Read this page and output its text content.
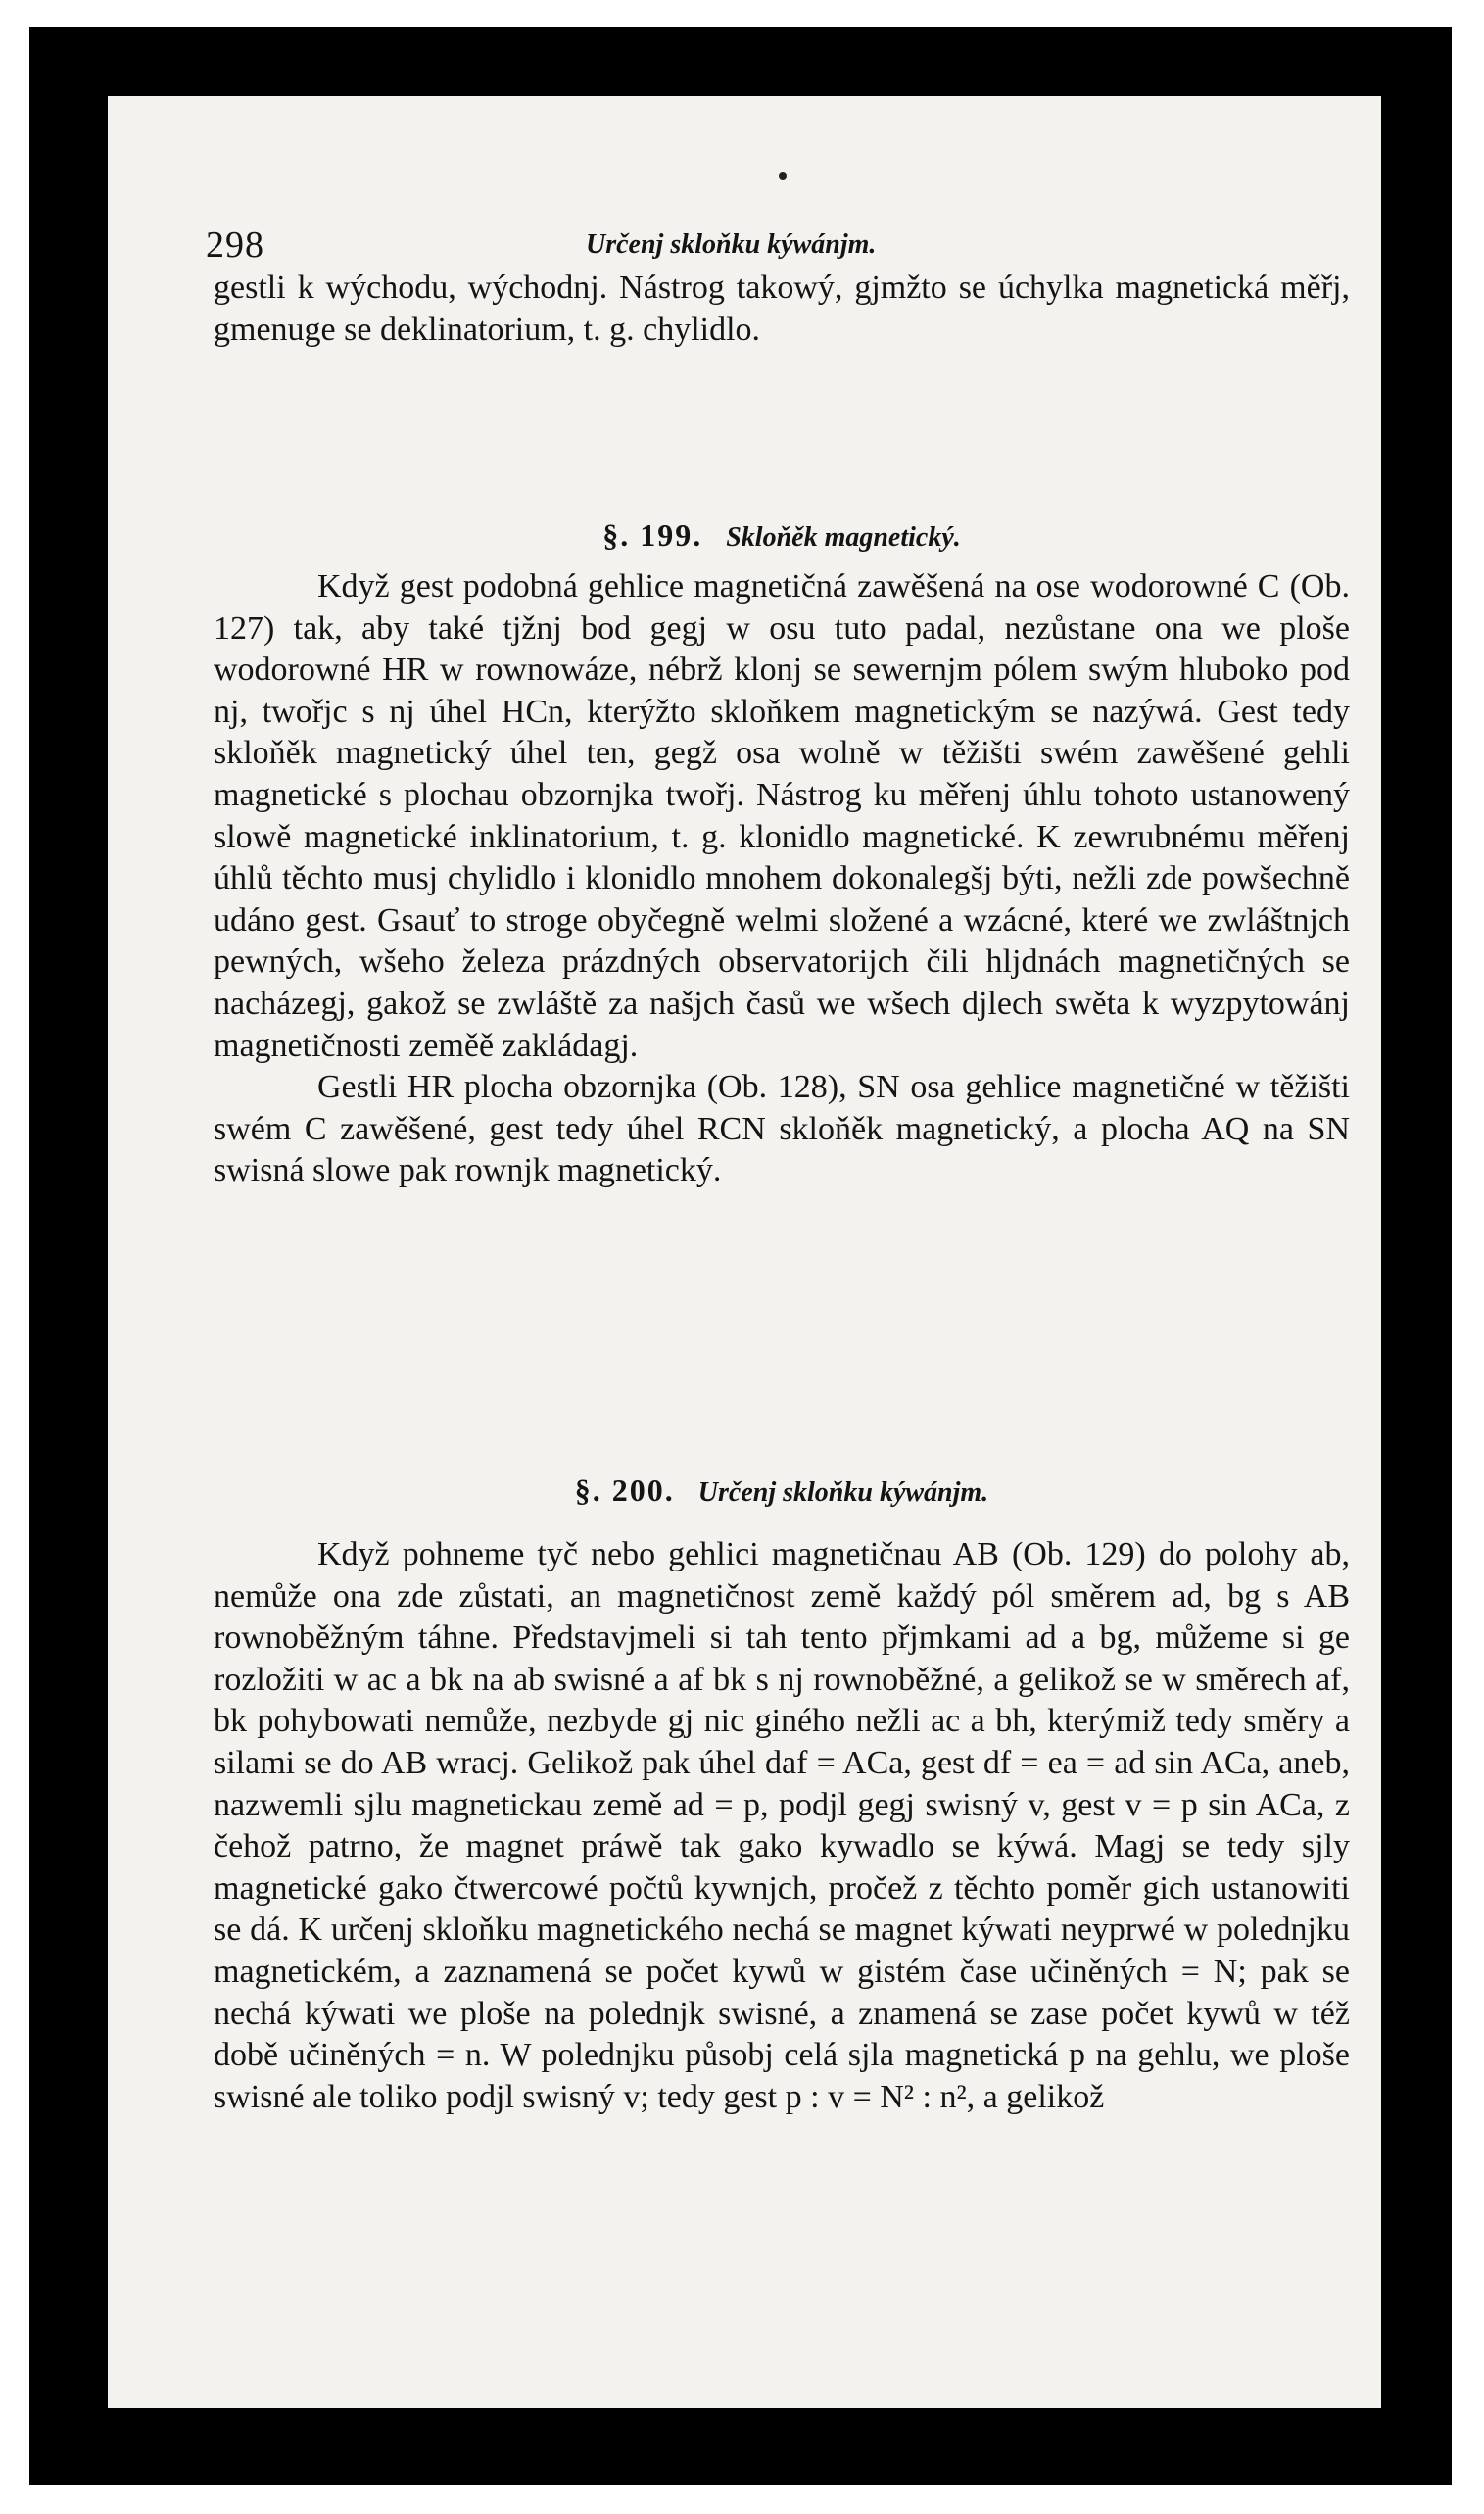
298	Určenj skloňku kýwánjm.

gestli k wýchodu, wýchodnj. Nástrog takowý, gjmžto se úchylka magnetická měřj, gmenuge se deklinatorium, t. g. chylidlo.

§. 199. Skloňěk magnetický.

Když gest podobná gehlice magnetičná zawěšená na ose wodorowné C (Ob. 127) tak, aby také tjžnj bod gegj w osu tuto padal, nezůstane ona we ploše wodorowné HR w rownowáze, nébrž klonj se sewernjm pólem swým hluboko pod nj, twořjc s nj úhel HCn, kterýžto skloňkem magnetickým se nazýwá. Gest tedy skloňěk magnetický úhel ten, gegž osa wolně w těžišti swém zawěšené gehli magnetické s plochau obzornjka twořj. Nástrog ku měřenj úhlu tohoto ustanowený slowě magnetické inklinatorium, t. g. klonidlo magnetické. K zewrubnému měřenj úhlů těchto musj chylidlo i klonidlo mnohem dokonalegšj býti, nežli zde powšechně udáno gest. Gsauť to stroge obyčegně welmi složené a wzácné, které we zwláštnjch pewných, wšeho železa prázdných observatorijch čili hljdnách magnetičných se nacházegj, gakož se zwláště za našjch časů we wšech djlech swěta k wyzpytowánj magnetičnosti zeměě zakládagj.

Gestli HR plocha obzornjka (Ob. 128), SN osa gehlice magnetičné w těžišti swém C zawěšené, gest tedy úhel RCN skloňěk magnetický, a plocha AQ na SN swisná slowe pak rownjk magnetický.

§. 200. Určenj skloňku kýwánjm.

Když pohneme tyč nebo gehlici magnetičnau AB (Ob. 129) do polohy ab, nemůže ona zde zůstati, an magnetičnost země každý pól směrem ad, bg s AB rownoběžným táhne. Představjmeli si tah tento přjmkami ad a bg, můžeme si ge rozložiti w ac a bk na ab swisné a af bk s nj rownoběžné, a gelikož se w směrech af, bk pohybowati nemůže, nezbyde gj nic giného nežli ac a bh, kterýmiž tedy směry a silami se do AB wracj. Gelikož pak úhel daf = ACa, gest df = ea = ad sin ACa, aneb, nazwemli sjlu magnetickau země ad = p, podjl gegj swisný v, gest v = p sin ACa, z čehož patrno, že magnet práwě tak gako kywadlo se kýwá. Magj se tedy sjly magnetické gako čtwercowé počtů kywnjch, pročež z těchto poměr gich ustanowiti se dá. K určenj skloňku magnetického nechá se magnet kýwati neyprwé w polednjku magnetickém, a zaznamená se počet kywů w gistém čase učiněných = N; pak se nechá kýwati we ploše na polednjk swisné, a znamená se zase počet kywů w též době učiněných = n. W polednjku působj celá sjla magnetická p na gehlu, we ploše swisné ale toliko podjl swisný v; tedy gest p : v = N² : n², a gelikož
